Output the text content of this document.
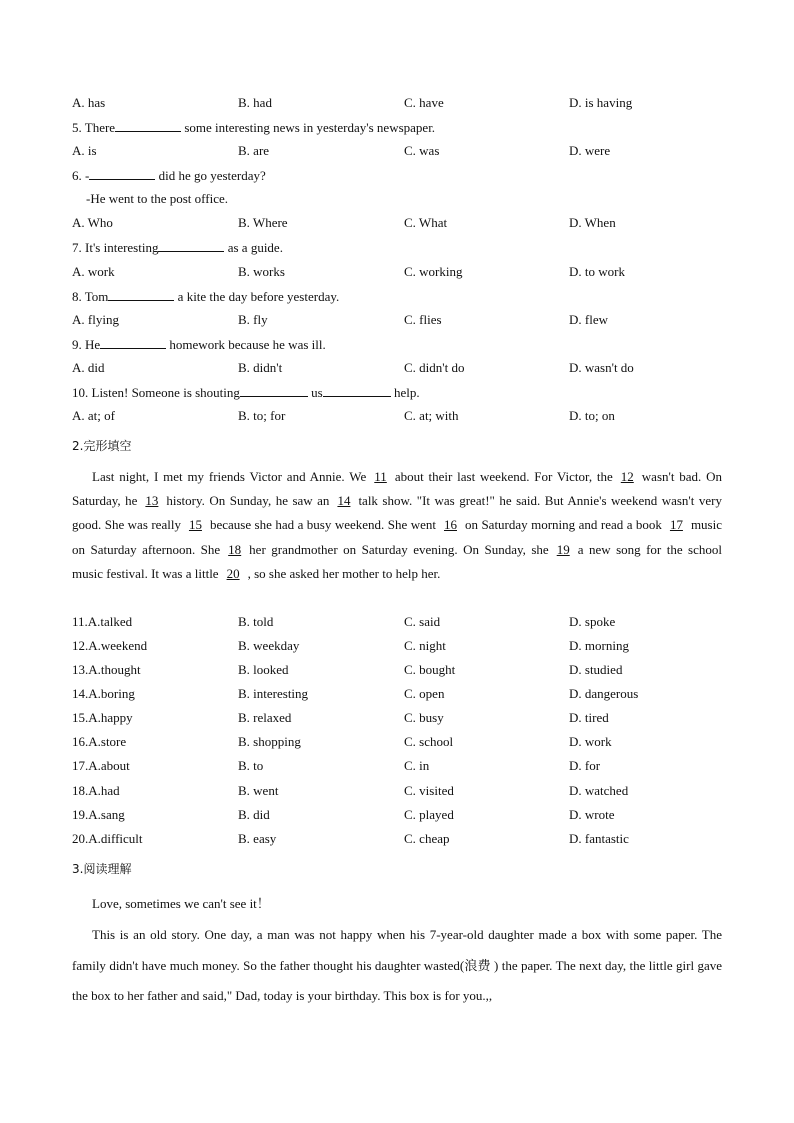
A. has	B. had	C. have	D. is having
5. There	some interesting news in yesterday's newspaper.
A. is	B. are	C. was	D. were
6. -	did he go yesterday?
-He went to the post office.
A. Who	B. Where	C. What	D. When
7. It's interesting	as a guide.
A. work	B. works	C. working	D. to work
8. Tom	a kite the day before yesterday.
A. flying	B. fly	C. flies	D. flew
9. He	homework because he was ill.
A. did	B. didn't	C. didn't do	D. wasn't do
10. Listen! Someone is shouting	us	help.
A. at; of	B. to; for	C. at; with	D. to; on
2.完形填空
Last night, I met my friends Victor and Annie. We 11 about their last weekend. For Victor, the 12 wasn't bad. On Saturday, he 13 history. On Sunday, he saw an 14 talk show. "It was great!" he said. But Annie's weekend wasn't very good. She was really 15 because she had a busy weekend. She went 16 on Saturday morning and read a book 17 music on Saturday afternoon. She 18 her grandmother on Saturday evening. On Sunday, she 19 a new song for the school music festival. It was a little 20 , so she asked her mother to help her.
11.A.talked	B. told	C. said	D. spoke
12.A.weekend	B. weekday	C. night	D. morning
13.A.thought	B. looked	C. bought	D. studied
14.A.boring	B. interesting	C. open	D. dangerous
15.A.happy	B. relaxed	C. busy	D. tired
16.A.store	B. shopping	C. school	D. work
17.A.about	B. to	C. in	D. for
18.A.had	B. went	C. visited	D. watched
19.A.sang	B. did	C. played	D. wrote
20.A.difficult	B. easy	C. cheap	D. fantastic
3.阅读理解
Love, sometimes we can't see it！
This is an old story. One day, a man was not happy when his 7-year-old daughter made a box with some paper. The family didn't have much money. So the father thought his daughter wasted(浪费 ) the paper. The next day, the little girl gave the box to her father and said," Dad, today is your birthday. This box is for you.,,
